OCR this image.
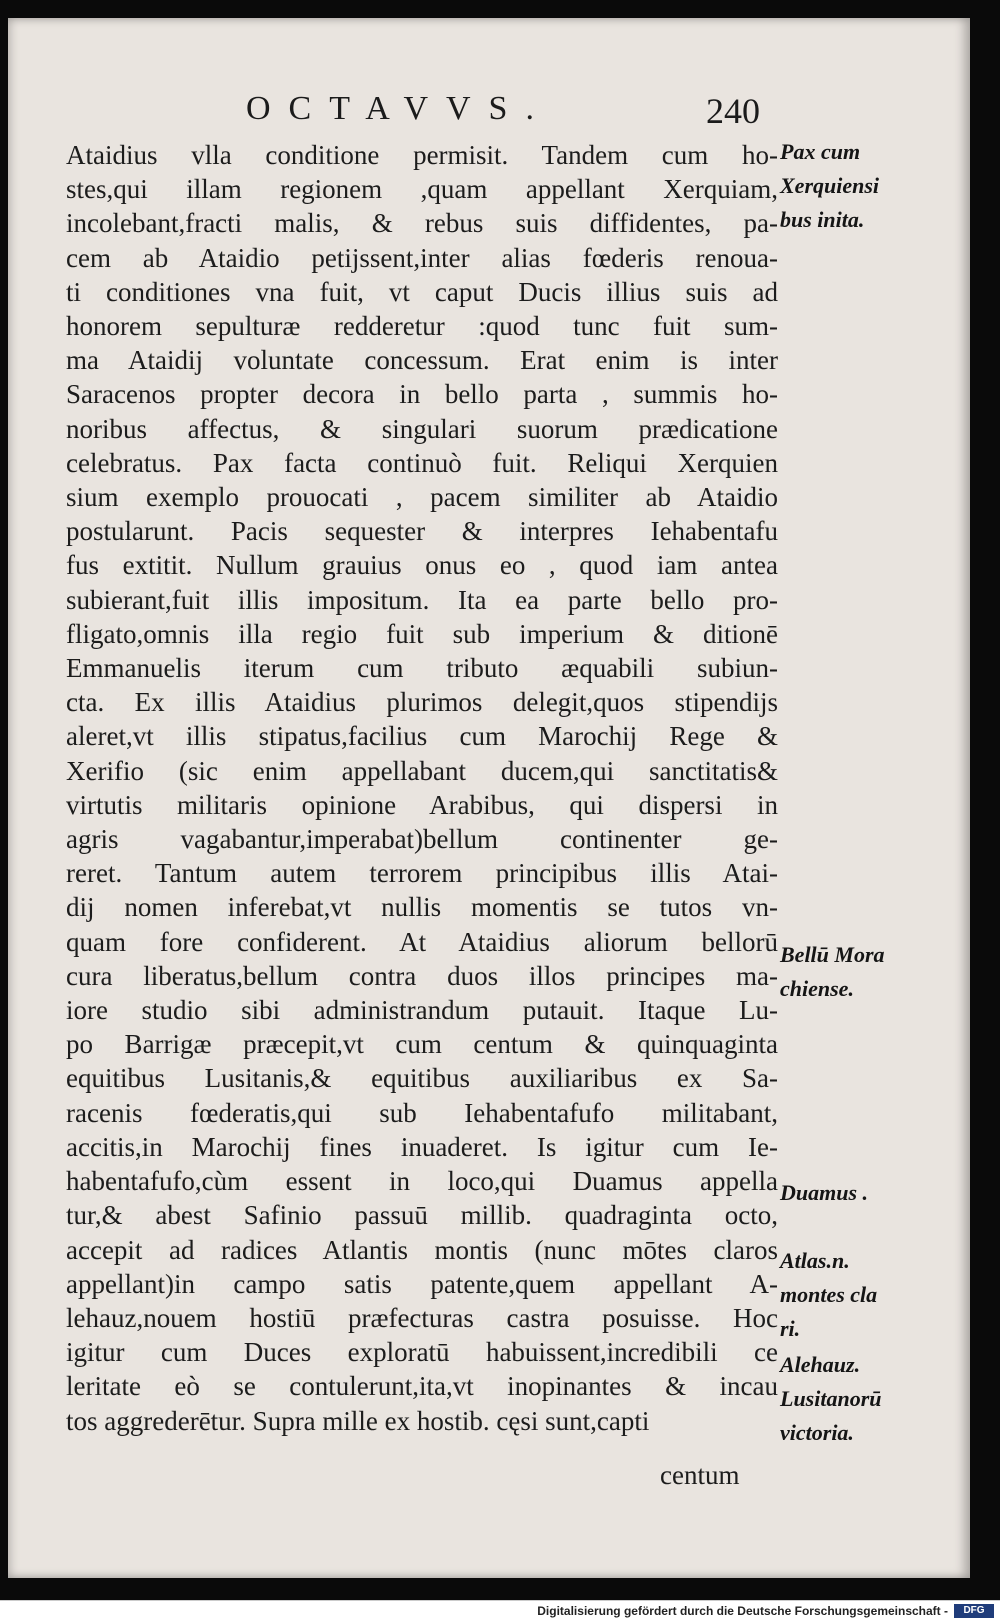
OCTAVVS.	240
Ataidius vlla conditione permisit. Tandem cum ho-
stes,qui illam regionem ,quam appellant Xerquiam,
incolebant,fracti malis, & rebus suis diffidentes, pa-
cem ab Ataidio petijssent,inter alias fœderis renoua-
ti conditiones vna fuit, vt caput Ducis illius suis ad
honorem sepulturæ redderetur :quod tunc fuit sum-
ma Ataidij voluntate concessum. Erat enim is inter
Saracenos propter decora in bello parta , summis ho-
noribus affectus, & singulari suorum prædicatione
celebratus. Pax facta continuò fuit. Reliqui Xerquien
sium exemplo prouocati , pacem similiter ab Ataidio
postularunt. Pacis sequester & interpres Iehabentafu
fus extitit. Nullum grauius onus eo , quod iam antea
subierant,fuit illis impositum. Ita ea parte bello pro-
fligato,omnis illa regio fuit sub imperium & ditionē
Emmanuelis iterum cum tributo æquabili subiun-
cta. Ex illis Ataidius plurimos delegit,quos stipendijs
aleret,vt illis stipatus,facilius cum Marochij Rege &
Xerifio (sic enim appellabant ducem,qui sanctitatis&
virtutis militaris opinione Arabibus, qui dispersi in
agris vagabantur,imperabat)bellum continenter ge-
reret. Tantum autem terrorem principibus illis Atai-
dij nomen inferebat,vt nullis momentis se tutos vn-
quam fore confiderent. At Ataidius aliorum bellorū
cura liberatus,bellum contra duos illos principes ma-
iore studio sibi administrandum putauit. Itaque Lu-
po Barrigæ præcepit,vt cum centum & quinquaginta
equitibus Lusitanis,& equitibus auxiliaribus ex Sa-
racenis fœderatis,qui sub Iehabentafufo militabant,
accitis,in Marochij fines inuaderet. Is igitur cum Ie-
habentafufo,cùm essent in loco,qui Duamus appella
tur,& abest Safinio passuū millib. quadraginta octo,
accepit ad radices Atlantis montis (nunc mōtes claros
appellant)in campo satis patente,quem appellant A-
lehauz,nouem hostiū præfecturas castra posuisse. Hoc
igitur cum Duces exploratū habuissent,incredibili ce
leritate eò se contulerunt,ita,vt inopinantes & incau
tos aggrederētur. Supra mille ex hostib. cęsi sunt,capti
centum
Pax cum
Xerquiensi
bus inita.
Bellū Mora
chiense.
Duamus .
Atlas.n.
montes cla
ri.
Alehauz.
Lusitanorū
victoria.
Digitalisierung gefördert durch die Deutsche Forschungsgemeinschaft -	DFG
